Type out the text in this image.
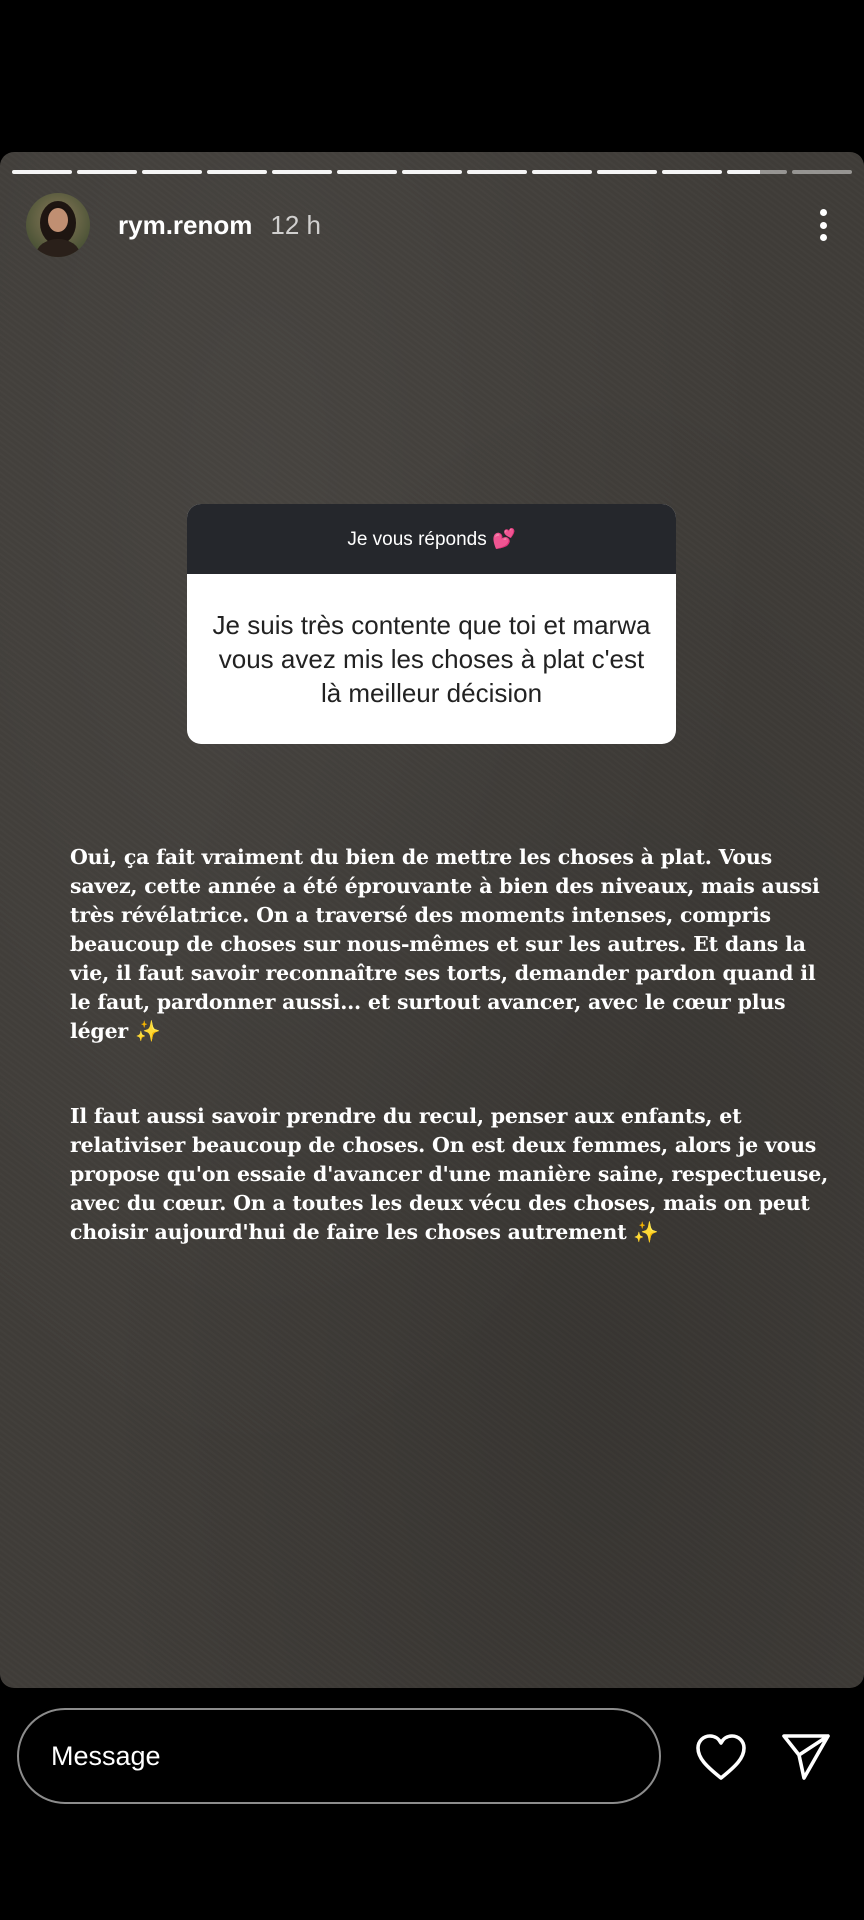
rym.renom 12 h
Je vous réponds 💕
Je suis très contente que toi et marwa vous avez mis les choses à plat c'est là meilleur décision
Oui, ça fait vraiment du bien de mettre les choses à plat. Vous savez, cette année a été éprouvante à bien des niveaux, mais aussi très révélatrice. On a traversé des moments intenses, compris beaucoup de choses sur nous-mêmes et sur les autres. Et dans la vie, il faut savoir reconnaître ses torts, demander pardon quand il le faut, pardonner aussi... et surtout avancer, avec le cœur plus léger ✨
Il faut aussi savoir prendre du recul, penser aux enfants, et relativiser beaucoup de choses. On est deux femmes, alors je vous propose qu'on essaie d'avancer d'une manière saine, respectueuse, avec du cœur. On a toutes les deux vécu des choses, mais on peut choisir aujourd'hui de faire les choses autrement ✨
Message
